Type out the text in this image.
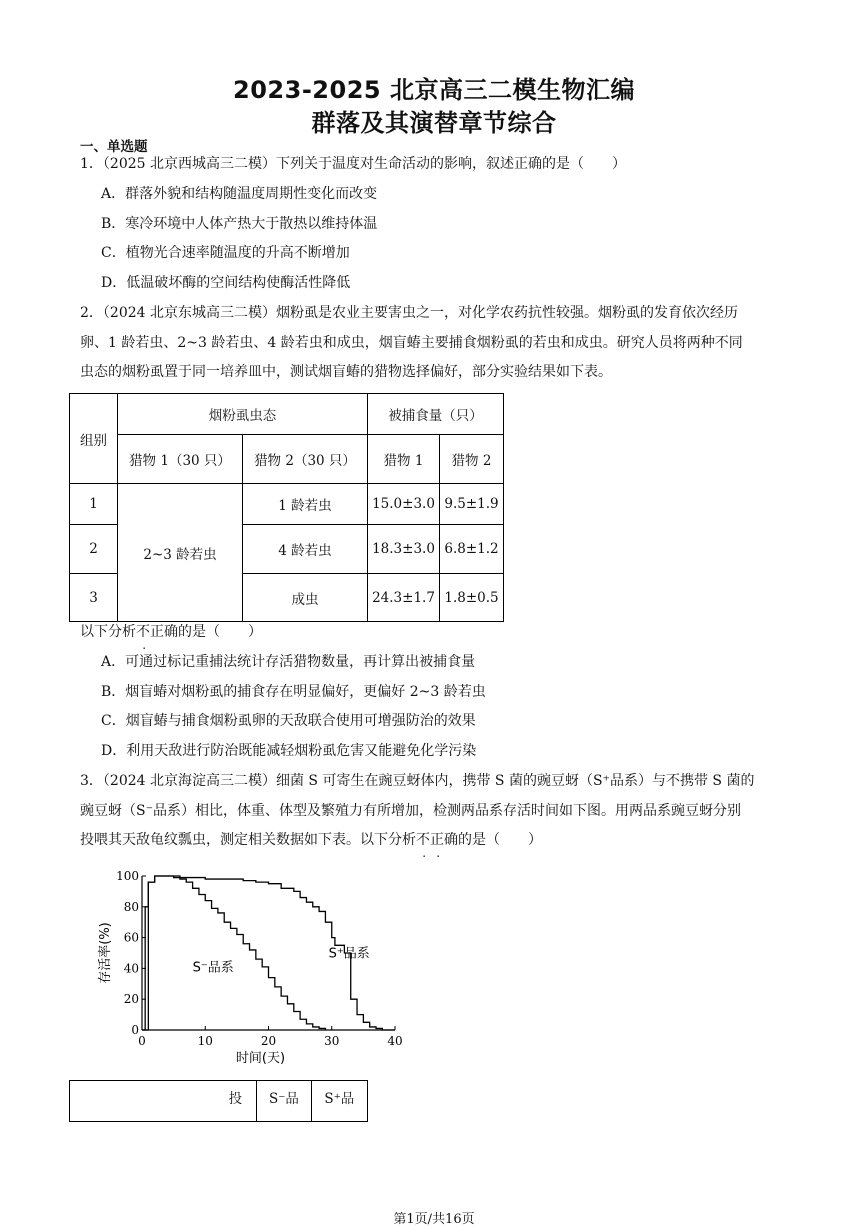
2023-2025 北京高三二模生物汇编
群落及其演替章节综合
一、单选题
1．（2025 北京西城高三二模）下列关于温度对生命活动的影响，叙述正确的是（　　）
A．群落外貌和结构随温度周期性变化而改变
B．寒冷环境中人体产热大于散热以维持体温
C．植物光合速率随温度的升高不断增加
D．低温破坏酶的空间结构使酶活性降低
2．（2024 北京东城高三二模）烟粉虱是农业主要害虫之一，对化学农药抗性较强。烟粉虱的发育依次经历
卵、1 龄若虫、2~3 龄若虫、4 龄若虫和成虫，烟盲蝽主要捕食烟粉虱的若虫和成虫。研究人员将两种不同
虫态的烟粉虱置于同一培养皿中，测试烟盲蝽的猎物选择偏好，部分实验结果如下表。
组别	烟粉虱虫态		被捕食量（只）	
	猎物 1（30 只）	猎物 2（30 只）	猎物 1	猎物 2
1	2~3 龄若虫	1 龄若虫	15.0±3.0	9.5±1.9
2		4 龄若虫	18.3±3.0	6.8±1.2
3		成虫	24.3±1.7	1.8±0.5
以下分析不正确的是（　　）
A．可通过标记重捕法统计存活猎物数量，再计算出被捕食量
B．烟盲蝽对烟粉虱的捕食存在明显偏好，更偏好 2~3 龄若虫
C．烟盲蝽与捕食烟粉虱卵的天敌联合使用可增强防治的效果
D．利用天敌进行防治既能减轻烟粉虱危害又能避免化学污染
3．（2024 北京海淀高三二模）细菌 S 可寄生在豌豆蚜体内，携带 S 菌的豌豆蚜（S⁺品系）与不携带 S 菌的
豌豆蚜（S⁻品系）相比，体重、体型及繁殖力有所增加，检测两品系存活时间如下图。用两品系豌豆蚜分别
投喂其天敌龟纹瓢虫，测定相关数据如下表。以下分析不正确的是（　　）
0	10	20	30	40
0
20
40
60
80
100
时间(天)
存活率(%)	S⁻品系
S⁺品系
投	S⁻品	S⁺品
第1页/共16页
